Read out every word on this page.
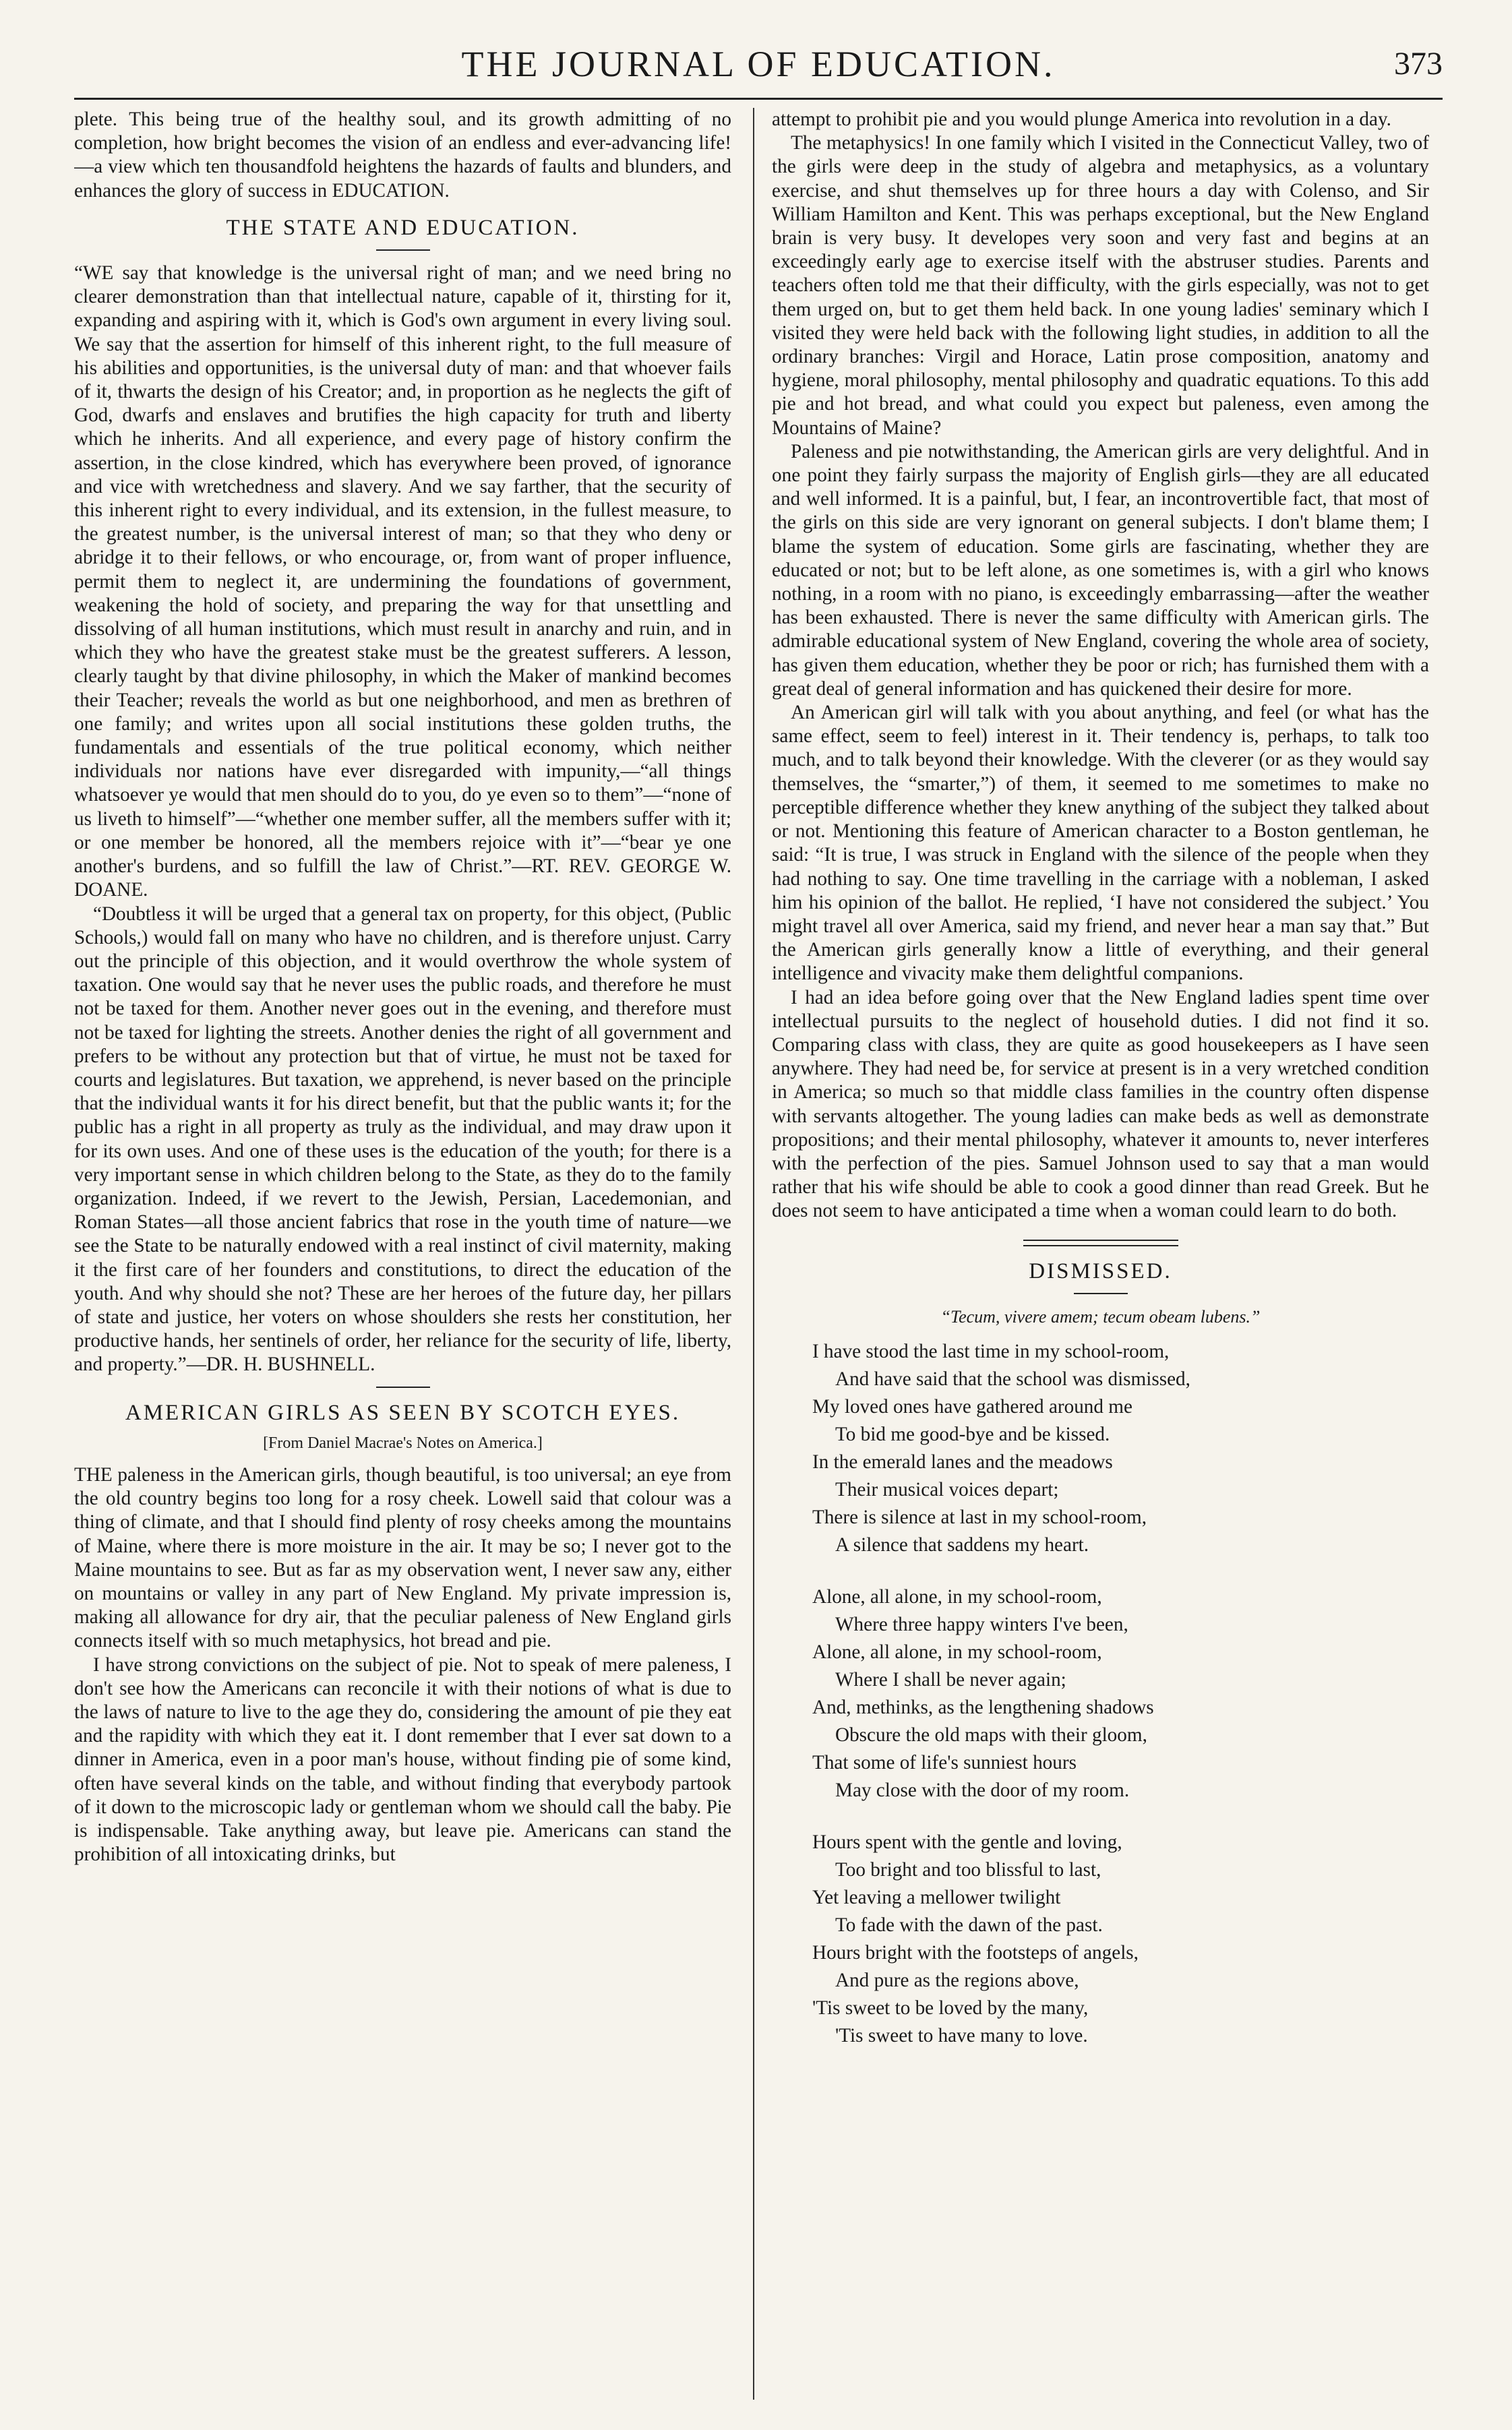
THE JOURNAL OF EDUCATION.	373

plete. This being true of the healthy soul, and its growth admitting of no completion, how bright becomes the vision of an endless and ever-advancing life!—a view which ten thousandfold heightens the hazards of faults and blunders, and enhances the glory of success in EDUCATION.

THE STATE AND EDUCATION.

“WE say that knowledge is the universal right of man; and we need bring no clearer demonstration than that intellectual nature, capable of it, thirsting for it, expanding and aspiring with it, which is God's own argument in every living soul. We say that the assertion for himself of this inherent right, to the full measure of his abilities and opportunities, is the universal duty of man: and that whoever fails of it, thwarts the design of his Creator; and, in proportion as he neglects the gift of God, dwarfs and enslaves and brutifies the high capacity for truth and liberty which he inherits. And all experience, and every page of history confirm the assertion, in the close kindred, which has everywhere been proved, of ignorance and vice with wretchedness and slavery. And we say farther, that the security of this inherent right to every individual, and its extension, in the fullest measure, to the greatest number, is the universal interest of man; so that they who deny or abridge it to their fellows, or who encourage, or, from want of proper influence, permit them to neglect it, are undermining the foundations of government, weakening the hold of society, and preparing the way for that unsettling and dissolving of all human institutions, which must result in anarchy and ruin, and in which they who have the greatest stake must be the greatest sufferers. A lesson, clearly taught by that divine philosophy, in which the Maker of mankind becomes their Teacher; reveals the world as but one neighborhood, and men as brethren of one family; and writes upon all social institutions these golden truths, the fundamentals and essentials of the true political economy, which neither individuals nor nations have ever disregarded with impunity,—“all things whatsoever ye would that men should do to you, do ye even so to them”—“none of us liveth to himself”—“whether one member suffer, all the members suffer with it; or one member be honored, all the members rejoice with it”—“bear ye one another's burdens, and so fulfill the law of Christ.”—RT. REV. GEORGE W. DOANE.

“Doubtless it will be urged that a general tax on property, for this object, (Public Schools,) would fall on many who have no children, and is therefore unjust. Carry out the principle of this objection, and it would overthrow the whole system of taxation. One would say that he never uses the public roads, and therefore he must not be taxed for them. Another never goes out in the evening, and therefore must not be taxed for lighting the streets. Another denies the right of all government and prefers to be without any protection but that of virtue, he must not be taxed for courts and legislatures. But taxation, we apprehend, is never based on the principle that the individual wants it for his direct benefit, but that the public wants it; for the public has a right in all property as truly as the individual, and may draw upon it for its own uses. And one of these uses is the education of the youth; for there is a very important sense in which children belong to the State, as they do to the family organization. Indeed, if we revert to the Jewish, Persian, Lacedemonian, and Roman States—all those ancient fabrics that rose in the youth time of nature—we see the State to be naturally endowed with a real instinct of civil maternity, making it the first care of her founders and constitutions, to direct the education of the youth. And why should she not? These are her heroes of the future day, her pillars of state and justice, her voters on whose shoulders she rests her constitution, her productive hands, her sentinels of order, her reliance for the security of life, liberty, and property.”—DR. H. BUSHNELL.

AMERICAN GIRLS AS SEEN BY SCOTCH EYES.
[From Daniel Macrae's Notes on America.]

THE paleness in the American girls, though beautiful, is too universal; an eye from the old country begins too long for a rosy cheek. Lowell said that colour was a thing of climate, and that I should find plenty of rosy cheeks among the mountains of Maine, where there is more moisture in the air. It may be so; I never got to the Maine mountains to see. But as far as my observation went, I never saw any, either on mountains or valley in any part of New England. My private impression is, making all allowance for dry air, that the peculiar paleness of New England girls connects itself with so much metaphysics, hot bread and pie.

I have strong convictions on the subject of pie. Not to speak of mere paleness, I don't see how the Americans can reconcile it with their notions of what is due to the laws of nature to live to the age they do, considering the amount of pie they eat and the rapidity with which they eat it. I dont remember that I ever sat down to a dinner in America, even in a poor man's house, without finding pie of some kind, often have several kinds on the table, and without finding that everybody partook of it down to the microscopic lady or gentleman whom we should call the baby. Pie is indispensable. Take anything away, but leave pie. Americans can stand the prohibition of all intoxicating drinks, but

attempt to prohibit pie and you would plunge America into revolution in a day.

The metaphysics! In one family which I visited in the Connecticut Valley, two of the girls were deep in the study of algebra and metaphysics, as a voluntary exercise, and shut themselves up for three hours a day with Colenso, and Sir William Hamilton and Kent. This was perhaps exceptional, but the New England brain is very busy. It developes very soon and very fast and begins at an exceedingly early age to exercise itself with the abstruser studies. Parents and teachers often told me that their difficulty, with the girls especially, was not to get them urged on, but to get them held back. In one young ladies' seminary which I visited they were held back with the following light studies, in addition to all the ordinary branches: Virgil and Horace, Latin prose composition, anatomy and hygiene, moral philosophy, mental philosophy and quadratic equations. To this add pie and hot bread, and what could you expect but paleness, even among the Mountains of Maine?

Paleness and pie notwithstanding, the American girls are very delightful. And in one point they fairly surpass the majority of English girls—they are all educated and well informed. It is a painful, but, I fear, an incontrovertible fact, that most of the girls on this side are very ignorant on general subjects. I don't blame them; I blame the system of education. Some girls are fascinating, whether they are educated or not; but to be left alone, as one sometimes is, with a girl who knows nothing, in a room with no piano, is exceedingly embarrassing—after the weather has been exhausted. There is never the same difficulty with American girls. The admirable educational system of New England, covering the whole area of society, has given them education, whether they be poor or rich; has furnished them with a great deal of general information and has quickened their desire for more.

An American girl will talk with you about anything, and feel (or what has the same effect, seem to feel) interest in it. Their tendency is, perhaps, to talk too much, and to talk beyond their knowledge. With the cleverer (or as they would say themselves, the “smarter,”) of them, it seemed to me sometimes to make no perceptible difference whether they knew anything of the subject they talked about or not. Mentioning this feature of American character to a Boston gentleman, he said: “It is true, I was struck in England with the silence of the people when they had nothing to say. One time travelling in the carriage with a nobleman, I asked him his opinion of the ballot. He replied, ‘I have not considered the subject.’ You might travel all over America, said my friend, and never hear a man say that.” But the American girls generally know a little of everything, and their general intelligence and vivacity make them delightful companions.

I had an idea before going over that the New England ladies spent time over intellectual pursuits to the neglect of household duties. I did not find it so. Comparing class with class, they are quite as good housekeepers as I have seen anywhere. They had need be, for service at present is in a very wretched condition in America; so much so that middle class families in the country often dispense with servants altogether. The young ladies can make beds as well as demonstrate propositions; and their mental philosophy, whatever it amounts to, never interferes with the perfection of the pies. Samuel Johnson used to say that a man would rather that his wife should be able to cook a good dinner than read Greek. But he does not seem to have anticipated a time when a woman could learn to do both.

DISMISSED.
“Tecum, vivere amem; tecum obeam lubens.”
I have stood the last time in my school-room,
And have said that the school was dismissed,
My loved ones have gathered around me
To bid me good-bye and be kissed.
In the emerald lanes and the meadows
Their musical voices depart;
There is silence at last in my school-room,
A silence that saddens my heart.
Alone, all alone, in my school-room,
Where three happy winters I've been,
Alone, all alone, in my school-room,
Where I shall be never again;
And, methinks, as the lengthening shadows
Obscure the old maps with their gloom,
That some of life's sunniest hours
May close with the door of my room.
Hours spent with the gentle and loving,
Too bright and too blissful to last,
Yet leaving a mellower twilight
To fade with the dawn of the past.
Hours bright with the footsteps of angels,
And pure as the regions above,
'Tis sweet to be loved by the many,
'Tis sweet to have many to love.
